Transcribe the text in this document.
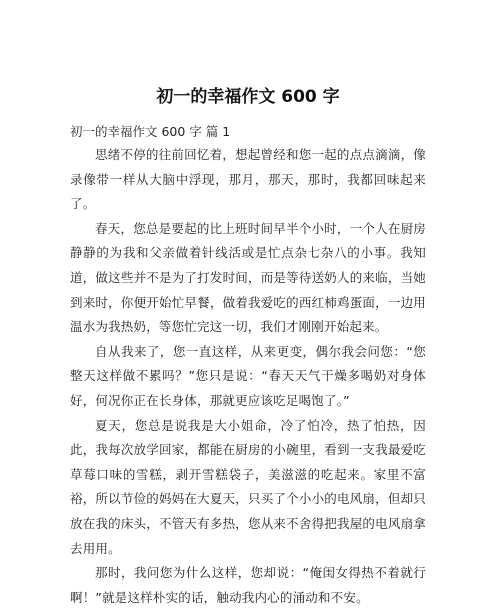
初一的幸福作文 600 字
初一的幸福作文 600 字 篇 1

思绪不停的往前回忆着，想起曾经和您一起的点点滴滴，像录像带一样从大脑中浮现，那月，那天，那时，我都回味起来了。

春天，您总是要起的比上班时间早半个小时，一个人在厨房静静的为我和父亲做着针线活或是忙点杂七杂八的小事。我知道，做这些并不是为了打发时间，而是等待送奶人的来临，当她到来时，你便开始忙早餐，做着我爱吃的西红柿鸡蛋面，一边用温水为我热奶，等您忙完这一切，我们才刚刚开始起来。

自从我来了，您一直这样，从来更变，偶尔我会问您：“您整天这样做不累吗？”您只是说：“春天天气干燥多喝奶对身体好，何况你正在长身体，那就更应该吃足喝饱了。”

夏天，您总是说我是大小姐命，冷了怕冷，热了怕热，因此，我每次放学回家，都能在厨房的小碗里，看到一支我最爱吃草莓口味的雪糕，剥开雪糕袋子，美滋滋的吃起来。家里不富裕，所以节俭的妈妈在大夏天，只买了个小小的电风扇，但却只放在我的床头，不管天有多热，您从来不舍得把我屋的电风扇拿去用用。

那时，我问您为什么这样，您却说：“俺闺女得热不着就行啊！”就是这样朴实的话，触动我内心的涌动和不安。
